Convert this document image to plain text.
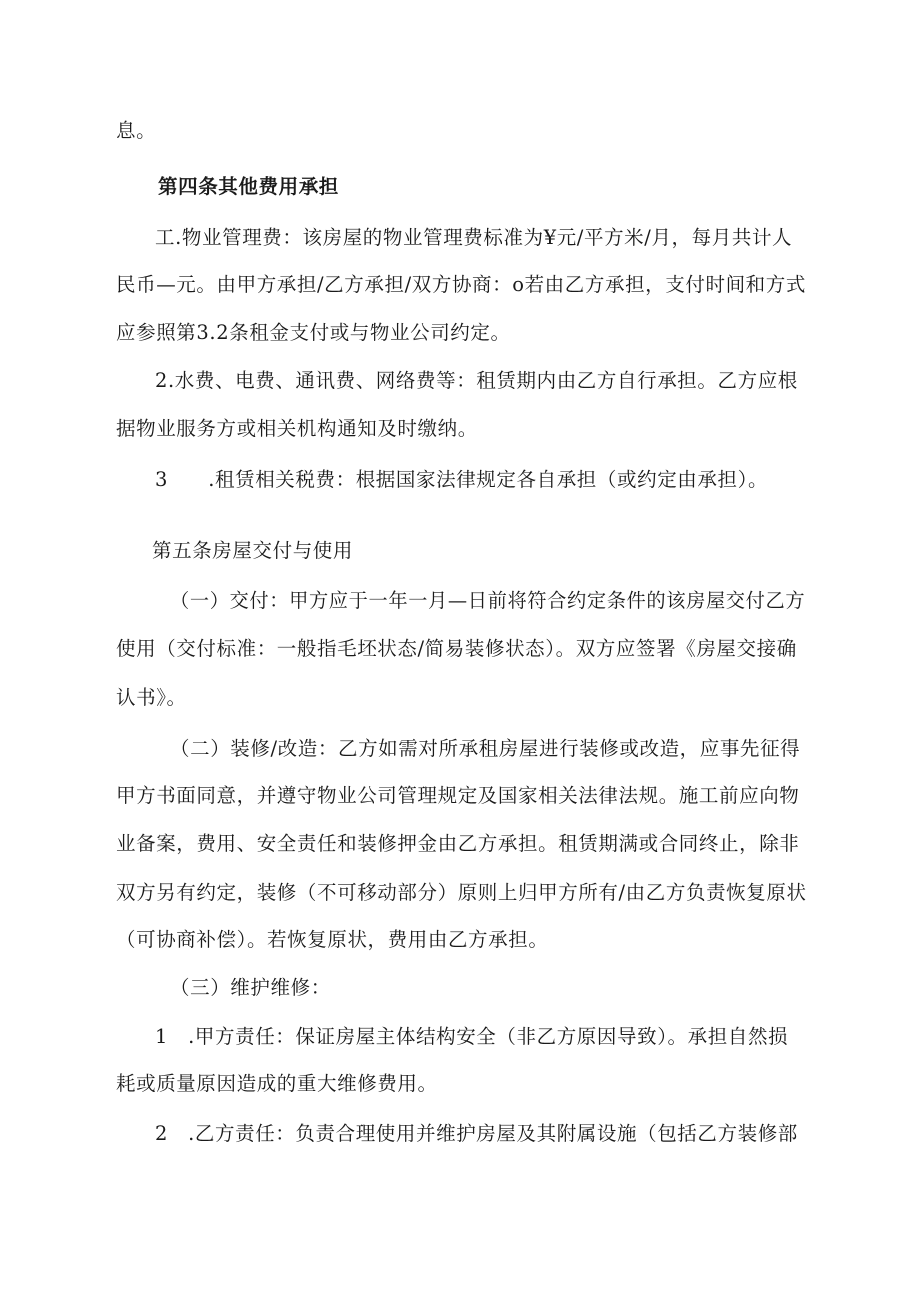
息。
第四条其他费用承担
工.物业管理费：该房屋的物业管理费标准为¥元/平方米/月，每月共计人
民币—元。由甲方承担/乙方承担/双方协商：o若由乙方承担，支付时间和方式
应参照第3.2条租金支付或与物业公司约定。
2.水费、电费、通讯费、网络费等：租赁期内由乙方自行承担。乙方应根
据物业服务方或相关机构通知及时缴纳。
3　　.租赁相关税费：根据国家法律规定各自承担（或约定由承担）。
第五条房屋交付与使用
（一）交付：甲方应于一年一月—日前将符合约定条件的该房屋交付乙方
使用（交付标准：一般指毛坯状态/简易装修状态）。双方应签署《房屋交接确
认书》。
（二）装修/改造：乙方如需对所承租房屋进行装修或改造，应事先征得
甲方书面同意，并遵守物业公司管理规定及国家相关法律法规。施工前应向物
业备案，费用、安全责任和装修押金由乙方承担。租赁期满或合同终止，除非
双方另有约定，装修（不可移动部分）原则上归甲方所有/由乙方负责恢复原状
（可协商补偿）。若恢复原状，费用由乙方承担。
（三）维护维修：
1　.甲方责任：保证房屋主体结构安全（非乙方原因导致）。承担自然损
耗或质量原因造成的重大维修费用。
2　.乙方责任：负责合理使用并维护房屋及其附属设施（包括乙方装修部
